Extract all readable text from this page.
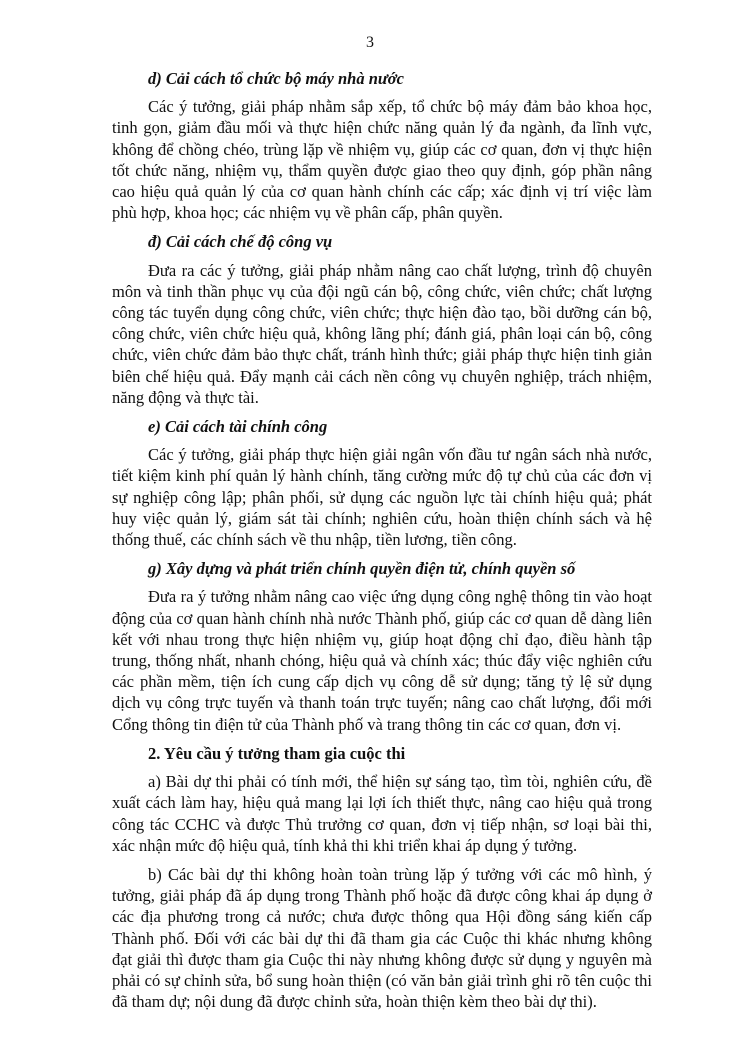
3

d) Cải cách tổ chức bộ máy nhà nước

Các ý tưởng, giải pháp nhằm sắp xếp, tổ chức bộ máy đảm bảo khoa học, tinh gọn, giảm đầu mối và thực hiện chức năng quản lý đa ngành, đa lĩnh vực, không để chồng chéo, trùng lặp về nhiệm vụ, giúp các cơ quan, đơn vị thực hiện tốt chức năng, nhiệm vụ, thẩm quyền được giao theo quy định, góp phần nâng cao hiệu quả quản lý của cơ quan hành chính các cấp; xác định vị trí việc làm phù hợp, khoa học; các nhiệm vụ về phân cấp, phân quyền.

đ) Cải cách chế độ công vụ

Đưa ra các ý tưởng, giải pháp nhằm nâng cao chất lượng, trình độ chuyên môn và tinh thần phục vụ của đội ngũ cán bộ, công chức, viên chức; chất lượng công tác tuyển dụng công chức, viên chức; thực hiện đào tạo, bồi dưỡng cán bộ, công chức, viên chức hiệu quả, không lãng phí; đánh giá, phân loại cán bộ, công chức, viên chức đảm bảo thực chất, tránh hình thức; giải pháp thực hiện tinh giản biên chế hiệu quả. Đẩy mạnh cải cách nền công vụ chuyên nghiệp, trách nhiệm, năng động và thực tài.

e) Cải cách tài chính công

Các ý tưởng, giải pháp thực hiện giải ngân vốn đầu tư ngân sách nhà nước, tiết kiệm kinh phí quản lý hành chính, tăng cường mức độ tự chủ của các đơn vị sự nghiệp công lập; phân phối, sử dụng các nguồn lực tài chính hiệu quả; phát huy việc quản lý, giám sát tài chính; nghiên cứu, hoàn thiện chính sách và hệ thống thuế, các chính sách về thu nhập, tiền lương, tiền công.

g) Xây dựng và phát triển chính quyền điện tử, chính quyền số

Đưa ra ý tưởng nhằm nâng cao việc ứng dụng công nghệ thông tin vào hoạt động của cơ quan hành chính nhà nước Thành phố, giúp các cơ quan dễ dàng liên kết với nhau trong thực hiện nhiệm vụ, giúp hoạt động chỉ đạo, điều hành tập trung, thống nhất, nhanh chóng, hiệu quả và chính xác; thúc đẩy việc nghiên cứu các phần mềm, tiện ích cung cấp dịch vụ công dễ sử dụng; tăng tỷ lệ sử dụng dịch vụ công trực tuyến và thanh toán trực tuyến; nâng cao chất lượng, đổi mới Cổng thông tin điện tử của Thành phố và trang thông tin các cơ quan, đơn vị.

2. Yêu cầu ý tưởng tham gia cuộc thi

a) Bài dự thi phải có tính mới, thể hiện sự sáng tạo, tìm tòi, nghiên cứu, đề xuất cách làm hay, hiệu quả mang lại lợi ích thiết thực, nâng cao hiệu quả trong công tác CCHC và được Thủ trưởng cơ quan, đơn vị tiếp nhận, sơ loại bài thi, xác nhận mức độ hiệu quả, tính khả thi khi triển khai áp dụng ý tưởng.

b) Các bài dự thi không hoàn toàn trùng lặp ý tưởng với các mô hình, ý tưởng, giải pháp đã áp dụng trong Thành phố hoặc đã được công khai áp dụng ở các địa phương trong cả nước; chưa được thông qua Hội đồng sáng kiến cấp Thành phố. Đối với các bài dự thi đã tham gia các Cuộc thi khác nhưng không đạt giải thì được tham gia Cuộc thi này nhưng không được sử dụng y nguyên mà phải có sự chỉnh sửa, bổ sung hoàn thiện (có văn bản giải trình ghi rõ tên cuộc thi đã tham dự; nội dung đã được chỉnh sửa, hoàn thiện kèm theo bài dự thi).
